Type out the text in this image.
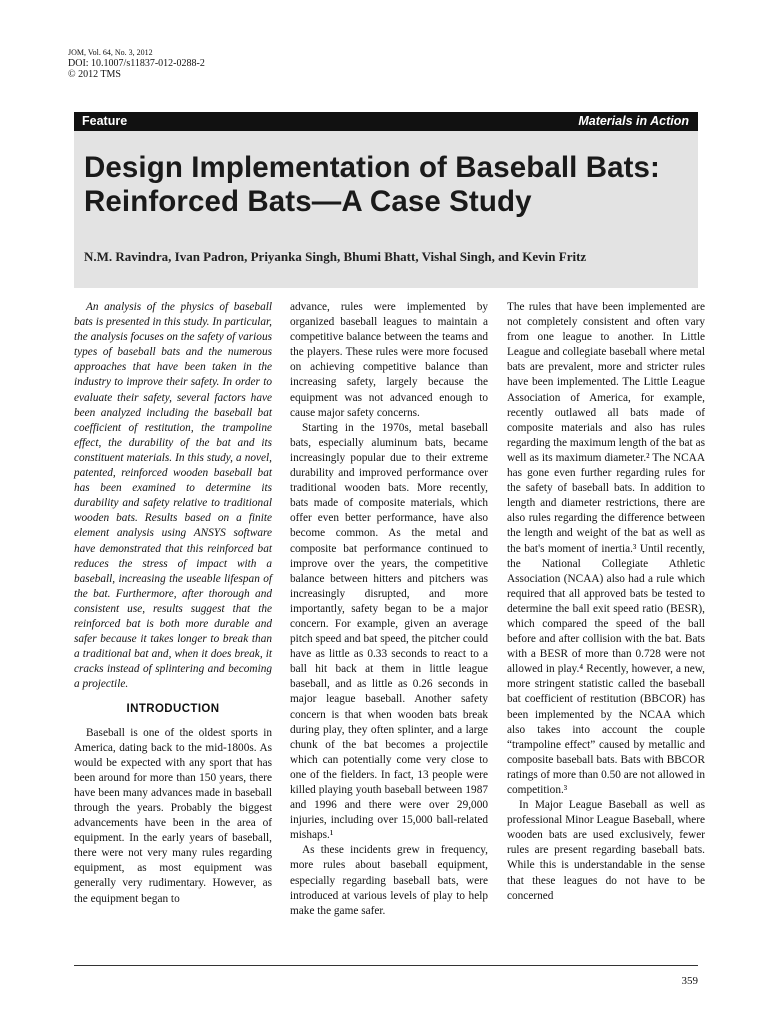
JOM, Vol. 64, No. 3, 2012
DOI: 10.1007/s11837-012-0288-2
© 2012 TMS
Feature	Materials in Action
Design Implementation of Baseball Bats: Reinforced Bats—A Case Study

N.M. Ravindra, Ivan Padron, Priyanka Singh, Bhumi Bhatt, Vishal Singh, and Kevin Fritz

An analysis of the physics of baseball bats is presented in this study. In particular, the analysis focuses on the safety of various types of baseball bats and the numerous approaches that have been taken in the industry to improve their safety. In order to evaluate their safety, several factors have been analyzed including the baseball bat coefficient of restitution, the trampoline effect, the durability of the bat and its constituent materials. In this study, a novel, patented, reinforced wooden baseball bat has been examined to determine its durability and safety relative to traditional wooden bats. Results based on a finite element analysis using ANSYS software have demonstrated that this reinforced bat reduces the stress of impact with a baseball, increasing the useable lifespan of the bat. Furthermore, after thorough and consistent use, results suggest that the reinforced bat is both more durable and safer because it takes longer to break than a traditional bat and, when it does break, it cracks instead of splintering and becoming a projectile.

INTRODUCTION

Baseball is one of the oldest sports in America, dating back to the mid-1800s. As would be expected with any sport that has been around for more than 150 years, there have been many advances made in baseball through the years. Probably the biggest advancements have been in the area of equipment. In the early years of baseball, there were not very many rules regarding equipment, as most equipment was generally very rudimentary. However, as the equipment began to

advance, rules were implemented by organized baseball leagues to maintain a competitive balance between the teams and the players. These rules were more focused on achieving competitive balance than increasing safety, largely because the equipment was not advanced enough to cause major safety concerns.

Starting in the 1970s, metal baseball bats, especially aluminum bats, became increasingly popular due to their extreme durability and improved performance over traditional wooden bats. More recently, bats made of composite materials, which offer even better performance, have also become common. As the metal and composite bat performance continued to improve over the years, the competitive balance between hitters and pitchers was increasingly disrupted, and more importantly, safety began to be a major concern. For example, given an average pitch speed and bat speed, the pitcher could have as little as 0.33 seconds to react to a ball hit back at them in little league baseball, and as little as 0.26 seconds in major league baseball. Another safety concern is that when wooden bats break during play, they often splinter, and a large chunk of the bat becomes a projectile which can potentially come very close to one of the fielders. In fact, 13 people were killed playing youth baseball between 1987 and 1996 and there were over 29,000 injuries, including over 15,000 ball-related mishaps.¹

As these incidents grew in frequency, more rules about baseball equipment, especially regarding baseball bats, were introduced at various levels of play to help make the game safer.

The rules that have been implemented are not completely consistent and often vary from one league to another. In Little League and collegiate baseball where metal bats are prevalent, more and stricter rules have been implemented. The Little League Association of America, for example, recently outlawed all bats made of composite materials and also has rules regarding the maximum length of the bat as well as its maximum diameter.² The NCAA has gone even further regarding rules for the safety of baseball bats. In addition to length and diameter restrictions, there are also rules regarding the difference between the length and weight of the bat as well as the bat's moment of inertia.³ Until recently, the National Collegiate Athletic Association (NCAA) also had a rule which required that all approved bats be tested to determine the ball exit speed ratio (BESR), which compared the speed of the ball before and after collision with the bat. Bats with a BESR of more than 0.728 were not allowed in play.⁴ Recently, however, a new, more stringent statistic called the baseball bat coefficient of restitution (BBCOR) has been implemented by the NCAA which also takes into account the couple “trampoline effect” caused by metallic and composite baseball bats. Bats with BBCOR ratings of more than 0.50 are not allowed in competition.³

In Major League Baseball as well as professional Minor League Baseball, where wooden bats are used exclusively, fewer rules are present regarding baseball bats. While this is understandable in the sense that these leagues do not have to be concerned

359
